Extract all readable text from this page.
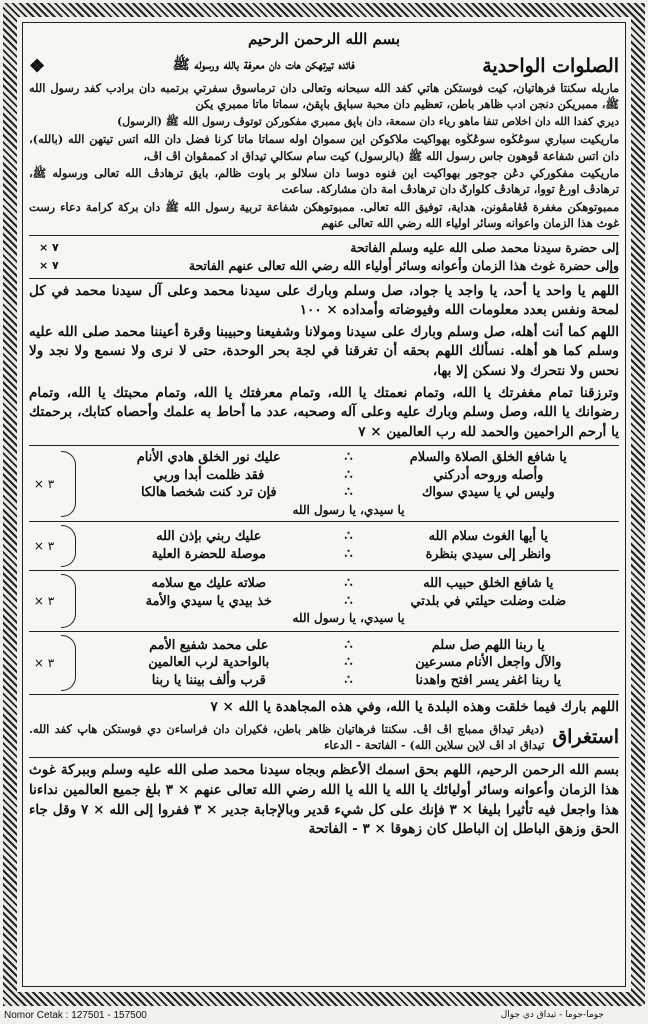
بسم الله الرحمن الرحيم
الصلوات الواحدية
فائده تيرتهكن هات دان معرفة بالله ورسوله ﷺ
❖
ماريله سکنتا فرهاتيان، کيت فوستکن هاتي کفد الله سبحانه وتعالى دان ترماسوق سفرتي برتمبه دان برادب کفد رسول الله ﷺ، ممبريکن دنجن ادب ظاهر باطن، تعظيم دان محبة سباپق باپقڽ، سماتا ماتا ممبري يکن
ديري کفدا الله دان اخلاص تنفا ماهو رياء دان سمعة، دان باڽق ممبري مفکورکن توتوڤ رسول الله ﷺ (الرسول)
ماريکيت سباري سوڠڬوه سوڠڬوه بهواکيت ملاکوکن اين سمواڽ اوله سماتا ماتا کرنا فضل دان الله اتس تيتهن الله (بالله)، دان اتس شفاعة ڤوهون جاس رسول الله ﷺ (بالرسول) کيت سام سکالي تيداق اد کممڤوان اڤ اڤ،
ماريکيت مفکورکي دڠن جوجور بهواکيت اين فنوه دوسا دان سلالو بر باوت ظالم، بايق ترهادڤ الله تعالى ورسوله ﷺ، ترهادڤ اورڠ تووا، ترهادڤ کلوارݢ دان ترهادڤ امة دان مشارکة. ساعت
ممبوتوهکن مغفرة ڤڠامڤونن، هداية، توفيق الله تعالى. ممبوتوهکن شفاعة تربية رسول الله ﷺ دان برکة کرامة دعاء رست غوث هذا الزمان واعوانه وسائر اولياء الله رضي الله تعالى عنهم
إلى حضرة سيدنا محمد صلى الله عليه وسلم الفاتحة
× ٧
وإلى حضرة غوث هذا الزمان وأعوانه وسائر أولياء الله رضي الله تعالى عنهم الفاتحة
× ٧
اللهم يا واحد يا أحد، يا واجد يا جواد، صل وسلم وبارك على سيدنا محمد وعلى آل سيدنا محمد في كل لمحة ونفس بعدد معلومات الله وفيوضاته وأمداده × ١٠٠
اللهم كما أنت أهله، صل وسلم وبارك على سيدنا ومولانا وشفيعنا وحبيبنا وقرة أعيننا محمد صلى الله عليه وسلم كما هو أهله. نسألك اللهم بحقه أن تغرقنا في لجة بحر الوحدة، حتى لا نرى ولا نسمع ولا نجد ولا نحس ولا نتحرك ولا نسكن إلا بها،
وترزقنا تمام مغفرتك يا الله، وتمام نعمتك يا الله، وتمام معرفتك يا الله، وتمام محبتك يا الله، وتمام رضوانك يا الله، وصل وسلم وبارك عليه وعلى آله وصحبه، عدد ما أحاط به علمك وأحصاه كتابك، برحمتك يا أرحم الراحمين والحمد لله رب العالمين × ٧
يا شافع الخلق الصلاة والسلام
∴
عليك نور الخلق هادي الأنام
وأصله وروحه أدركني
∴
فقد ظلمت أبدا وربي
وليس لي يا سيدي سواك
∴
فإن ترد كنت شخصا هالكا
يا سيدي، يا رسول الله
× ٣
يا أيها الغوث سلام الله
∴
عليك ربني بإذن الله
وانظر إلى سيدي بنظرة
∴
موصلة للحضرة العلية
× ٣
يا شافع الخلق حبيب الله
∴
صلاته عليك مع سلامه
ضلت وضلت حيلتي في بلدتي
∴
خذ بيدي يا سيدي والأمة
يا سيدي، يا رسول الله
× ٣
يا ربنا اللهم صل سلم
∴
على محمد شفيع الأمم
والآل واجعل الأنام مسرعين
∴
بالواحدية لرب العالمين
يا ربنا اغفر يسر افتح واهدنا
∴
قرب وألف بيننا يا ربنا
× ٣
اللهم بارك فيما خلقت وهذه البلدة يا الله، وفي هذه المجاهدة يا الله × ٧
استغراق
(ديڠر تيداق ممباچ اڤ اڤ. سکنتا فرهاتيان ظاهر باطن، فکيران دان فراساءن دي فوستکن هاپ کفد الله. تيداق اد اڤ لاين سلاين الله) - الفاتحة - الدعاء
بسم الله الرحمن الرحيم، اللهم بحق اسمك الأعظم وبجاه سيدنا محمد صلى الله عليه وسلم وببركة غوث هذا الزمان وأعوانه وسائر أوليائك يا الله يا الله يا الله رضي الله تعالى عنهم × ٣ بلغ جميع العالمين نداءنا هذا واجعل فيه تأثيرا بليغا × ٣ فإنك على كل شيء قدير وبالإجابة جدير × ٣ ففروا إلى الله × ٧ وقل جاء الحق وزهق الباطل إن الباطل كان زهوقا × ٣ - الفاتحة
Nomor Cetak : 127501 - 157500	جوما-جوما - تيداق دي جوال
